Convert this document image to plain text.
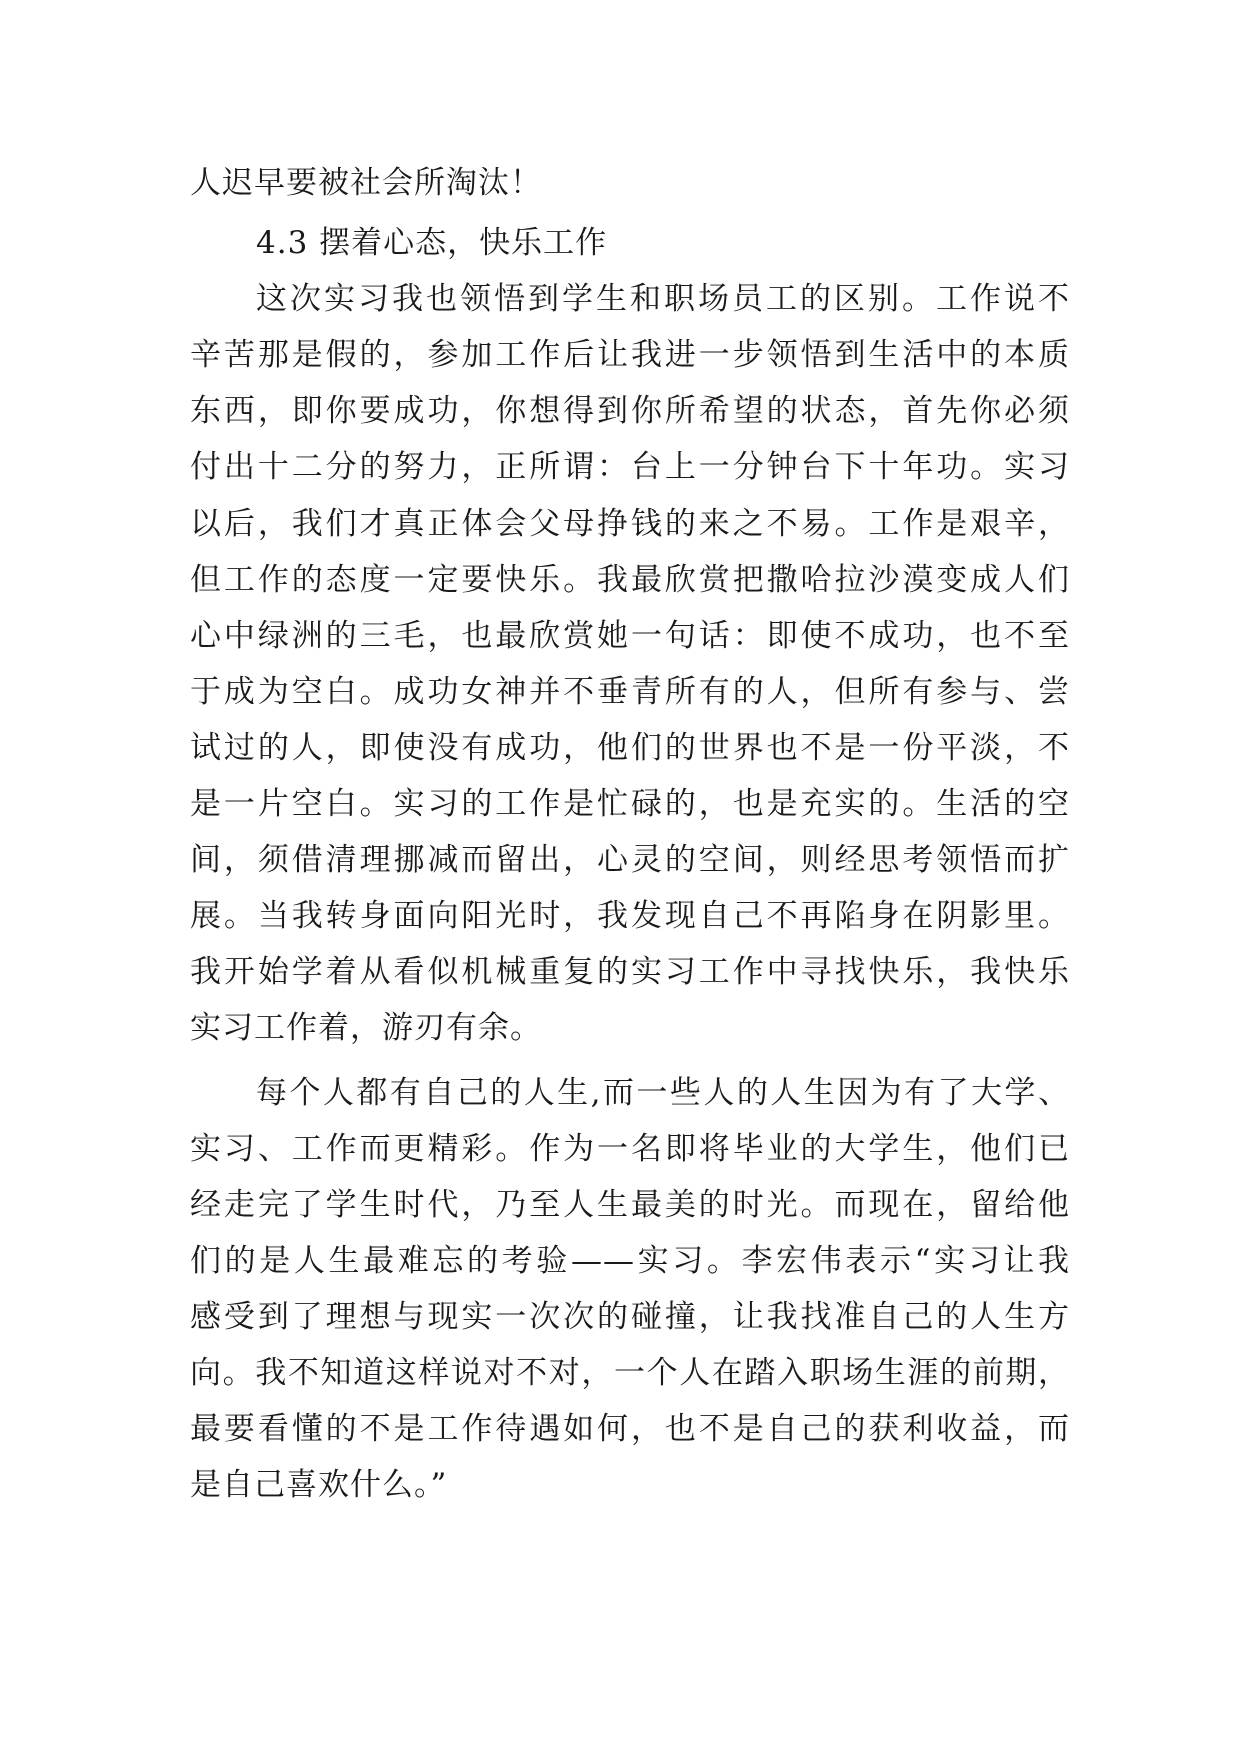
人迟早要被社会所淘汰！
4.3 摆着心态，快乐工作
这次实习我也领悟到学生和职场员工的区别。工作说不
辛苦那是假的，参加工作后让我进一步领悟到生活中的本质
东西，即你要成功，你想得到你所希望的状态，首先你必须
付出十二分的努力，正所谓：台上一分钟台下十年功。实习
以后，我们才真正体会父母挣钱的来之不易。工作是艰辛，
但工作的态度一定要快乐。我最欣赏把撒哈拉沙漠变成人们
心中绿洲的三毛，也最欣赏她一句话：即使不成功，也不至
于成为空白。成功女神并不垂青所有的人，但所有参与、尝
试过的人，即使没有成功，他们的世界也不是一份平淡，不
是一片空白。实习的工作是忙碌的，也是充实的。生活的空
间，须借清理挪减而留出，心灵的空间，则经思考领悟而扩
展。当我转身面向阳光时，我发现自己不再陷身在阴影里。
我开始学着从看似机械重复的实习工作中寻找快乐，我快乐
实习工作着，游刃有余。
每个人都有自己的人生,而一些人的人生因为有了大学、
实习、工作而更精彩。作为一名即将毕业的大学生，他们已
经走完了学生时代，乃至人生最美的时光。而现在，留给他
们的是人生最难忘的考验——实习。李宏伟表示“实习让我
感受到了理想与现实一次次的碰撞，让我找准自己的人生方
向。我不知道这样说对不对，一个人在踏入职场生涯的前期，
最要看懂的不是工作待遇如何，也不是自己的获利收益，而
是自己喜欢什么。”
